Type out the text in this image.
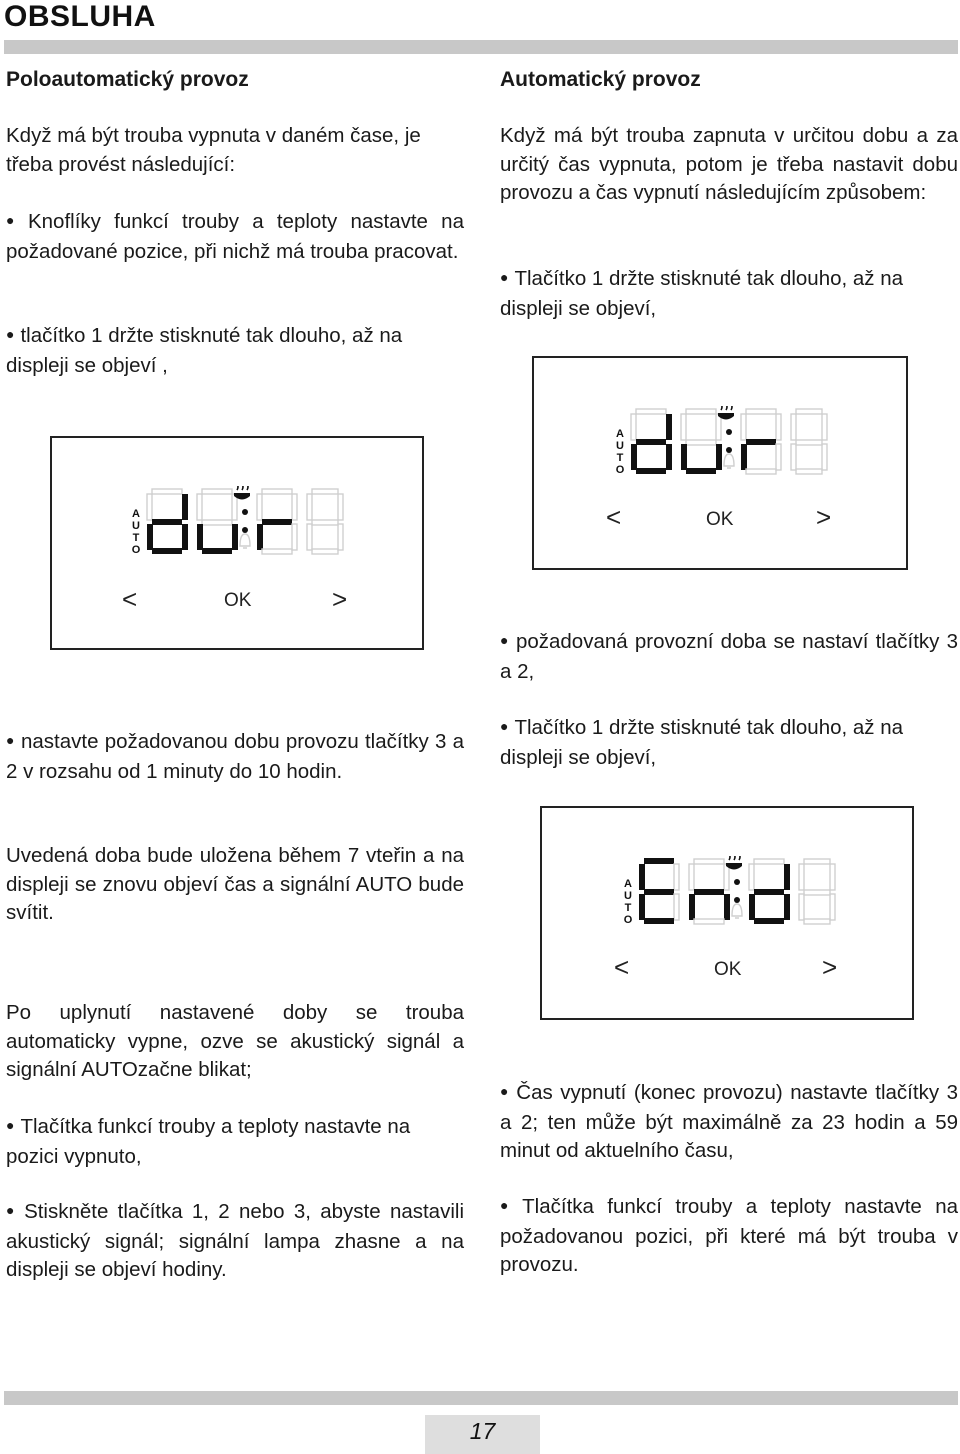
OBSLUHA
Poloautomatický provoz

Když má být trouba vypnuta v daném čase, je třeba provést následující:

● Knoflíky funkcí trouby a teploty nastavte na požadované pozice, při nichž má trouba pracovat.

● tlačítko 1 držte stisknuté tak dlouho, až na displeji se objeví ,

A
U
T
O
<	OK	>

● nastavte požadovanou dobu provozu tlačítky 3 a 2 v rozsahu od 1 minuty do 10 hodin.

Uvedená doba bude uložena během 7 vteřin a na displeji se znovu objeví čas a signální AUTO bude svítit.

Po uplynutí nastavené doby se trouba automaticky vypne, ozve se akustický signál a signální AUTOzačne blikat;

● Tlačítka funkcí trouby a teploty nastavte na pozici vypnuto,

● Stiskněte tlačítka 1, 2 nebo 3, abyste nastavili akustický signál; signální lampa zhasne a na displeji se objeví hodiny.

Automatický provoz

Když má být trouba zapnuta v určitou dobu a za určitý čas vypnuta, potom je třeba nastavit dobu provozu a čas vypnutí následujícím způsobem:

● Tlačítko 1 držte stisknuté tak dlouho, až na displeji se objeví,

A
U
T
O
<	OK	>

● požadovaná provozní doba se nastaví tlačítky 3 a 2,

● Tlačítko 1 držte stisknuté tak dlouho, až na displeji se objeví,

A
U
T
O
<	OK	>

● Čas vypnutí (konec provozu) nastavte tlačítky 3 a 2; ten může být maximálně za 23 hodin a 59 minut od aktuelního času,

● Tlačítka funkcí trouby a teploty nastavte na požadovanou pozici, při které má být trouba v provozu.

17
